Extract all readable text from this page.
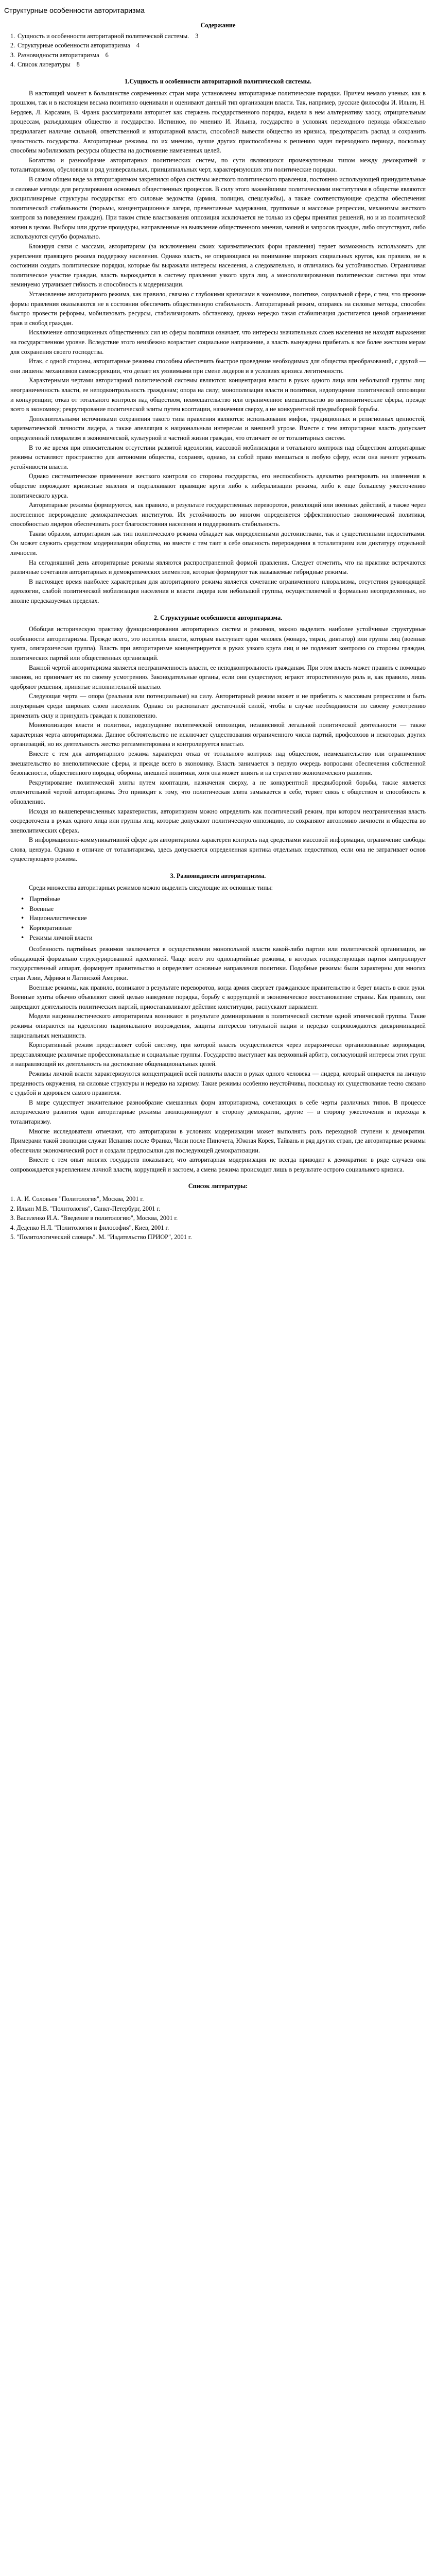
Структурные особенности авторитаризма
Содержание
1. Сущность и особенности авторитарной политической системы. 3
2. Структурные особенности авторитаризма 4
3. Разновидности авторитаризма 6
4. Список литературы 8
1.Сущность и особенности авторитарной политической системы.

В настоящий момент в большинстве современных стран мира установлены авторитарные политические порядки. Причем немало ученых, как в прошлом, так и в настоящем весьма позитивно оценивали и оценивают данный тип организации власти. Так, например, русские философы И. Ильин, Н. Бердяев, Л. Карсавин, В. Франк рассматривали авторитет как стержень государственного порядка, видели в нем альтернативу хаосу, отрицательным процессам, разъедающим общество и государство. Истинное, по мнению И. Ильина, государство в условиях переходного периода обязательно предполагает наличие сильной, ответственной и авторитарной власти, способной вывести общество из кризиса, предотвратить распад и сохранить целостность государства. Авторитарные режимы, по их мнению, лучше других приспособлены к решению задач переходного периода, поскольку способны мобилизовать ресурсы общества на достижение намеченных целей.

Богатство и разнообразие авторитарных политических систем, по сути являющихся промежуточным типом между демократией и тоталитаризмом, обусловили и ряд универсальных, принципиальных черт, характеризующих эти политические порядки.

В самом общем виде за авторитаризмом закрепился образ системы жесткого политического правления, постоянно использующей принудительные и силовые методы для регулирования основных общественных процессов. В силу этого важнейшими политическими институтами в обществе являются дисциплинарные структуры государства: его силовые ведомства (армия, полиция, спецслужбы), а также соответствующие средства обеспечения политической стабильности (тюрьмы, концентрационные лагеря, превентивные задержания, групповые и массовые репрессии, механизмы жесткого контроля за поведением граждан). При таком стиле властвования оппозиция исключается не только из сферы принятия решений, но и из политической жизни в целом. Выборы или другие процедуры, направленные на выявление общественного мнения, чаяний и запросов граждан, либо отсутствуют, либо используются сугубо формально.

Блокируя связи с массами, авторитаризм (за исключением своих харизматических форм правления) теряет возможность использовать для укрепления правящего режима поддержку населения. Однако власть, не опирающаяся на понимание широких социальных кругов, как правило, не в состоянии создать политические порядки, которые бы выражали интересы населения, а следовательно, и отличались бы устойчивостью. Ограничивая политическое участие граждан, власть вырождается в систему правления узкого круга лиц, а монополизированная политическая система при этом неминуемо утрачивает гибкость и способность к модернизации.

Установление авторитарного режима, как правило, связано с глубокими кризисами в экономике, политике, социальной сфере, с тем, что прежние формы правления оказываются не в состоянии обеспечить общественную стабильность. Авторитарный режим, опираясь на силовые методы, способен быстро провести реформы, мобилизовать ресурсы, стабилизировать обстановку, однако нередко такая стабилизация достигается ценой ограничения прав и свобод граждан.

Исключение оппозиционных общественных сил из сферы политики означает, что интересы значительных слоев населения не находят выражения на государственном уровне. Вследствие этого неизбежно возрастает социальное напряжение, а власть вынуждена прибегать к все более жестким мерам для сохранения своего господства.

Итак, с одной стороны, авторитарные режимы способны обеспечить быстрое проведение необходимых для общества преобразований, с другой — они лишены механизмов самокоррекции, что делает их уязвимыми при смене лидеров и в условиях кризиса легитимности.

Характерными чертами авторитарной политической системы являются: концентрация власти в руках одного лица или небольшой группы лиц; неограниченность власти, ее неподконтрольность гражданам; опора на силу; монополизация власти и политики, недопущение политической оппозиции и конкуренции; отказ от тотального контроля над обществом, невмешательство или ограниченное вмешательство во внеполитические сферы, прежде всего в экономику; рекрутирование политической элиты путем кооптации, назначения сверху, а не конкурентной предвыборной борьбы.

Дополнительными источниками сохранения такого типа правления являются: использование мифов, традиционных и религиозных ценностей, харизматической личности лидера, а также апелляция к национальным интересам и внешней угрозе. Вместе с тем авторитарная власть допускает определенный плюрализм в экономической, культурной и частной жизни граждан, что отличает ее от тоталитарных систем.

В то же время при относительном отсутствии развитой идеологии, массовой мобилизации и тотального контроля над обществом авторитарные режимы оставляют пространство для автономии общества, сохраняя, однако, за собой право вмешаться в любую сферу, если она начнет угрожать устойчивости власти.

Однако систематическое применение жесткого контроля со стороны государства, его неспособность адекватно реагировать на изменения в обществе порождают кризисные явления и подталкивают правящие круги либо к либерализации режима, либо к еще большему ужесточению политического курса.

Авторитарные режимы формируются, как правило, в результате государственных переворотов, революций или военных действий, а также через постепенное перерождение демократических институтов. Их устойчивость во многом определяется эффективностью экономической политики, способностью лидеров обеспечивать рост благосостояния населения и поддерживать стабильность.

Таким образом, авторитаризм как тип политического режима обладает как определенными достоинствами, так и существенными недостатками. Он может служить средством модернизации общества, но вместе с тем таит в себе опасность перерождения в тоталитаризм или диктатуру отдельной личности.

На сегодняшний день авторитарные режимы являются распространенной формой правления. Следует отметить, что на практике встречаются различные сочетания авторитарных и демократических элементов, которые формируют так называемые гибридные режимы.

В настоящее время наиболее характерным для авторитарного режима является сочетание ограниченного плюрализма, отсутствия руководящей идеологии, слабой политической мобилизации населения и власти лидера или небольшой группы, осуществляемой в формально неопределенных, но вполне предсказуемых пределах.

2. Структурные особенности авторитаризма.

Обобщая историческую практику функционирования авторитарных систем и режимов, можно выделить наиболее устойчивые структурные особенности авторитаризма. Прежде всего, это носитель власти, которым выступает один человек (монарх, тиран, диктатор) или группа лиц (военная хунта, олигархическая группа). Власть при авторитаризме концентрируется в руках узкого круга лиц и не подлежит контролю со стороны граждан, политических партий или общественных организаций.

Важной чертой авторитаризма является неограниченность власти, ее неподконтрольность гражданам. При этом власть может править с помощью законов, но принимает их по своему усмотрению. Законодательные органы, если они существуют, играют второстепенную роль и, как правило, лишь одобряют решения, принятые исполнительной властью.

Следующая черта — опора (реальная или потенциальная) на силу. Авторитарный режим может и не прибегать к массовым репрессиям и быть популярным среди широких слоев населения. Однако он располагает достаточной силой, чтобы в случае необходимости по своему усмотрению применить силу и принудить граждан к повиновению.

Монополизация власти и политики, недопущение политической оппозиции, независимой легальной политической деятельности — также характерная черта авторитаризма. Данное обстоятельство не исключает существования ограниченного числа партий, профсоюзов и некоторых других организаций, но их деятельность жестко регламентирована и контролируется властью.

Вместе с тем для авторитарного режима характерен отказ от тотального контроля над обществом, невмешательство или ограниченное вмешательство во внеполитические сферы, и прежде всего в экономику. Власть занимается в первую очередь вопросами обеспечения собственной безопасности, общественного порядка, обороны, внешней политики, хотя она может влиять и на стратегию экономического развития.

Рекрутирование политической элиты путем кооптации, назначения сверху, а не конкурентной предвыборной борьбы, также является отличительной чертой авторитаризма. Это приводит к тому, что политическая элита замыкается в себе, теряет связь с обществом и способность к обновлению.

Исходя из вышеперечисленных характеристик, авторитаризм можно определить как политический режим, при котором неограниченная власть сосредоточена в руках одного лица или группы лиц, которые допускают политическую оппозицию, но сохраняют автономию личности и общества во внеполитических сферах.

В информационно-коммуникативной сфере для авторитаризма характерен контроль над средствами массовой информации, ограничение свободы слова, цензура. Однако в отличие от тоталитаризма, здесь допускается определенная критика отдельных недостатков, если она не затрагивает основ существующего режима.

3. Разновидности авторитаризма.

Среди множества авторитарных режимов можно выделить следующие их основные типы:

• Партийные
• Военные
• Националистические
• Корпоративные
• Режимы личной власти

Особенность партийных режимов заключается в осуществлении монопольной власти какой-либо партии или политической организации, не обладающей формально структурированной идеологией. Чаще всего это однопартийные режимы, в которых господствующая партия контролирует государственный аппарат, формирует правительство и определяет основные направления политики. Подобные режимы были характерны для многих стран Азии, Африки и Латинской Америки.

Военные режимы, как правило, возникают в результате переворотов, когда армия свергает гражданское правительство и берет власть в свои руки. Военные хунты обычно объявляют своей целью наведение порядка, борьбу с коррупцией и экономическое восстановление страны. Как правило, они запрещают деятельность политических партий, приостанавливают действие конституции, распускают парламент.

Модели националистического авторитаризма возникают в результате доминирования в политической системе одной этнической группы. Такие режимы опираются на идеологию национального возрождения, защиты интересов титульной нации и нередко сопровождаются дискриминацией национальных меньшинств.

Корпоративный режим представляет собой систему, при которой власть осуществляется через иерархически организованные корпорации, представляющие различные профессиональные и социальные группы. Государство выступает как верховный арбитр, согласующий интересы этих групп и направляющий их деятельность на достижение общенациональных целей.

Режимы личной власти характеризуются концентрацией всей полноты власти в руках одного человека — лидера, который опирается на личную преданность окружения, на силовые структуры и нередко на харизму. Такие режимы особенно неустойчивы, поскольку их существование тесно связано с судьбой и здоровьем самого правителя.

В мире существует значительное разнообразие смешанных форм авторитаризма, сочетающих в себе черты различных типов. В процессе исторического развития одни авторитарные режимы эволюционируют в сторону демократии, другие — в сторону ужесточения и перехода к тоталитаризму.

Многие исследователи отмечают, что авторитаризм в условиях модернизации может выполнять роль переходной ступени к демократии. Примерами такой эволюции служат Испания после Франко, Чили после Пиночета, Южная Корея, Тайвань и ряд других стран, где авторитарные режимы обеспечили экономический рост и создали предпосылки для последующей демократизации.

Вместе с тем опыт многих государств показывает, что авторитарная модернизация не всегда приводит к демократии: в ряде случаев она сопровождается укреплением личной власти, коррупцией и застоем, а смена режима происходит лишь в результате острого социального кризиса.

Список литературы:
1. А. И. Соловьев "Политология", Москва, 2001 г.
2. Ильин М.В. "Политология", Санкт-Петербург, 2001 г.
3. Василенко И.А. "Введение в политологию", Москва, 2001 г.
4. Деденко Н.Л. "Политология и философия", Киев, 2001 г.
5. "Политологический словарь". М. "Издательство ПРИОР", 2001 г.
